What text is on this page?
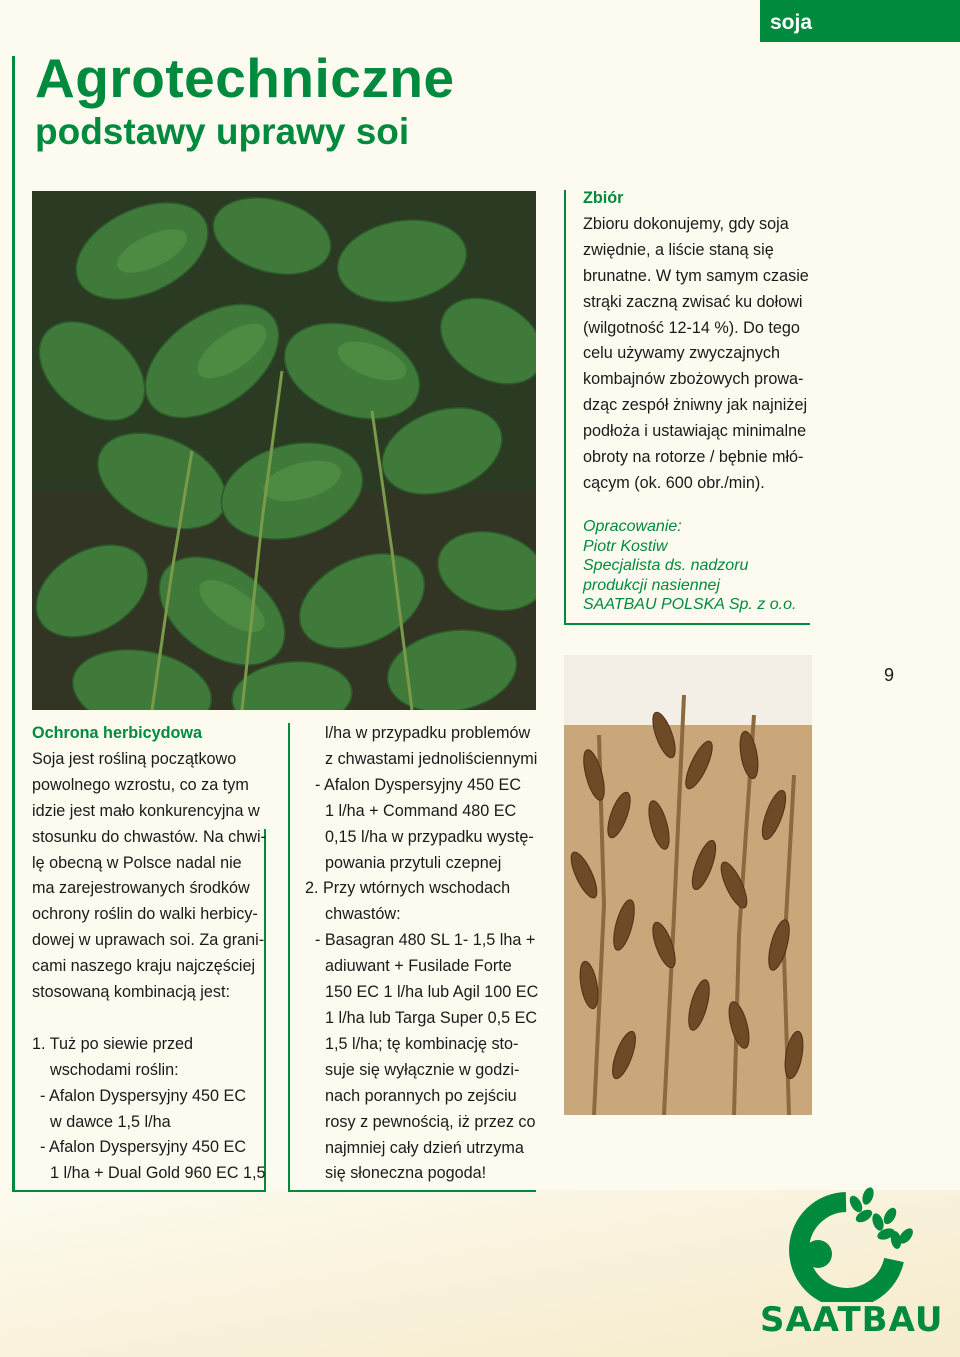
soja
Agrotechniczne
podstawy uprawy soi

Zbiór

Zbioru dokonujemy, gdy soja

zwiędnie, a liście staną się

brunatne. W tym samym czasie

strąki zaczną zwisać ku dołowi

(wilgotność 12-14 %). Do tego

celu używamy zwyczajnych

kombajnów zbożowych prowa-

dząc zespół żniwny jak najniżej

podłoża i ustawiając minimalne

obroty na rotorze / bębnie młó-

cącym (ok. 600 obr./min).

Opracowanie:

Piotr Kostiw

Specjalista ds. nadzoru

produkcji nasiennej

SAATBAU POLSKA Sp. z o.o.

9

Ochrona herbicydowa

Soja jest rośliną początkowo

powolnego wzrostu, co za tym

idzie jest mało konkurencyjna w

stosunku do chwastów. Na chwi-

lę obecną w Polsce nadal nie

ma zarejestrowanych środków

ochrony roślin do walki herbicy-

dowej w uprawach soi. Za grani-

cami naszego kraju najczęściej

stosowaną kombinacją jest:

1. Tuż po siewie przed

wschodami roślin:

- Afalon Dyspersyjny 450 EC

w dawce 1,5 l/ha

- Afalon Dyspersyjny 450 EC

1 l/ha + Dual Gold 960 EC 1,5

l/ha w przypadku problemów

z chwastami jednoliściennymi

- Afalon Dyspersyjny 450 EC

1 l/ha + Command 480 EC

0,15 l/ha w przypadku wystę-

powania przytuli czepnej

2. Przy wtórnych wschodach

chwastów:

- Basagran 480 SL 1- 1,5 lha +

adiuwant + Fusilade Forte

150 EC 1 l/ha lub Agil 100 EC

1 l/ha lub Targa Super 0,5 EC

1,5 l/ha; tę kombinację sto-

suje się wyłącznie w godzi-

nach porannych po zejściu

rosy z pewnością, iż przez co

najmniej cały dzień utrzyma

się słoneczna pogoda!

SAATBAU
